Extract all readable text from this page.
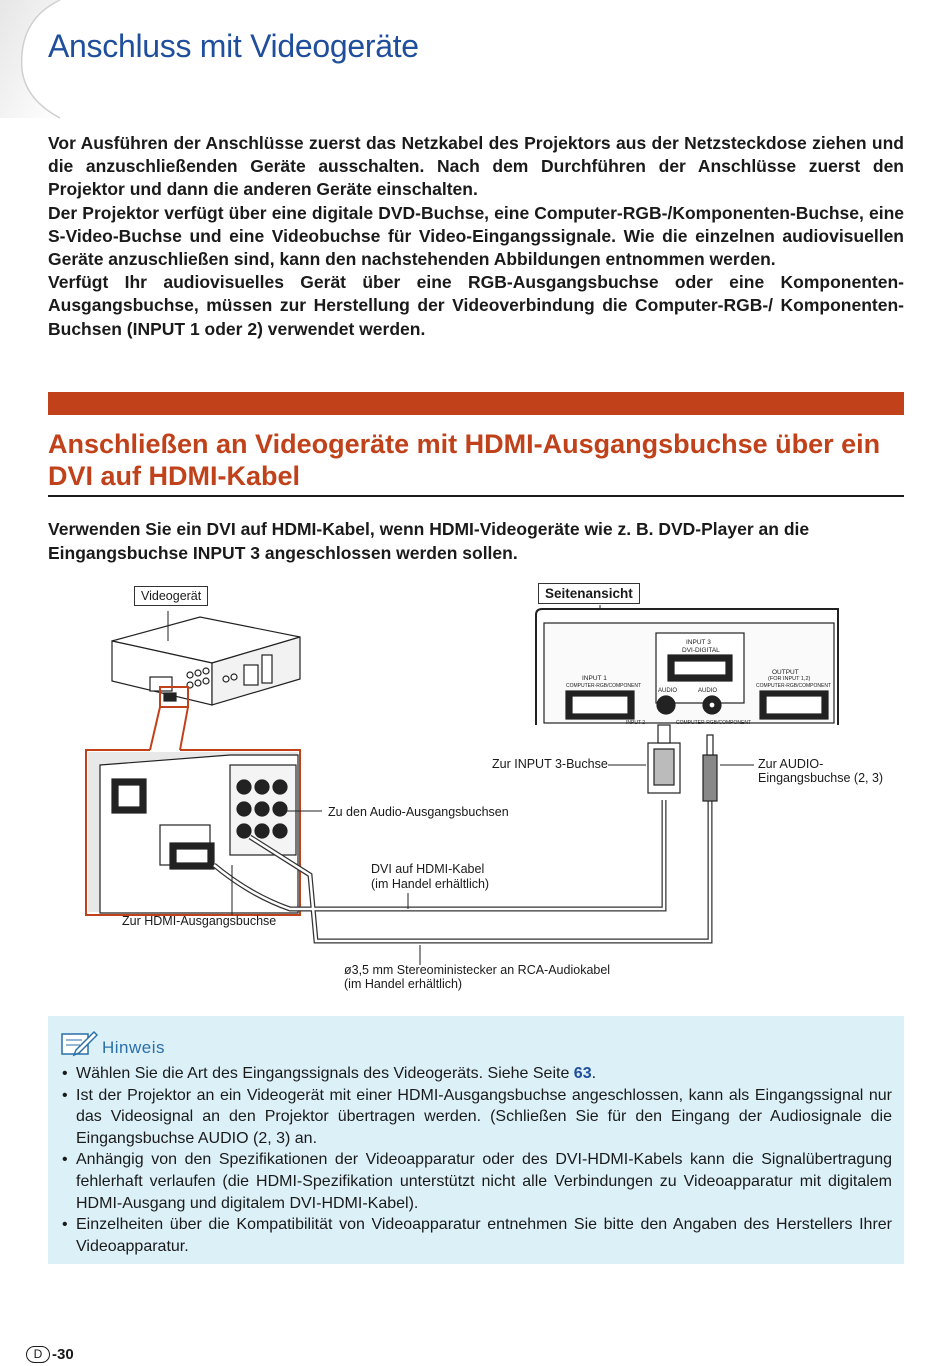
Anschluss mit Videogeräte

Vor Ausführen der Anschlüsse zuerst das Netzkabel des Projektors aus der Netzsteckdose ziehen und die anzuschließenden Geräte ausschalten. Nach dem Durchführen der Anschlüsse zuerst den Projektor und dann die anderen Geräte einschalten.

Der Projektor verfügt über eine digitale DVD-Buchse, eine Computer-RGB-/Komponenten-Buchse, eine S-Video-Buchse und eine Videobuchse für Video-Eingangssignale. Wie die einzelnen audiovisuellen Geräte anzuschließen sind, kann den nachstehenden Abbildungen entnommen werden.

Verfügt Ihr audiovisuelles Gerät über eine RGB-Ausgangsbuchse oder eine Komponenten-Ausgangsbuchse, müssen zur Herstellung der Videoverbindung die Computer-RGB-/ Komponenten-Buchsen (INPUT 1 oder 2) verwendet werden.

Anschließen an Videogeräte mit HDMI-Ausgangsbuchse über ein DVI auf HDMI-Kabel

Verwenden Sie ein DVI auf HDMI-Kabel, wenn HDMI-Videogeräte wie z. B. DVD-Player an die Eingangsbuchse INPUT 3 angeschlossen werden sollen.

Videogerät	Seitenansicht
INPUT 3
DVI-DIGITAL
INPUT 1
COMPUTER-RGB/COMPONENT
OUTPUT
(FOR INPUT 1,2)
COMPUTER-RGB/COMPONENT
AUDIO	AUDIO
INPUT 2	COMPUTER-RGB/COMPONENT
Zur INPUT 3-Buchse	Zur AUDIO-
Eingangsbuchse (2, 3)
Zu den Audio-Ausgangsbuchsen
DVI auf HDMI-Kabel
(im Handel erhältlich)
Zur HDMI-Ausgangsbuchse
ø3,5 mm Stereoministecker an RCA-Audiokabel
(im Handel erhältlich)
Hinweis
• Wählen Sie die Art des Eingangssignals des Videogeräts. Siehe Seite 63.
• Ist der Projektor an ein Videogerät mit einer HDMI-Ausgangsbuchse angeschlossen, kann als Eingangssignal nur das Videosignal an den Projektor übertragen werden. (Schließen Sie für den Eingang der Audiosignale die Eingangsbuchse AUDIO (2, 3) an.
• Anhängig von den Spezifikationen der Videoapparatur oder des DVI-HDMI-Kabels kann die Signalübertragung fehlerhaft verlaufen (die HDMI-Spezifikation unterstützt nicht alle Verbindungen zu Videoapparatur mit digitalem HDMI-Ausgang und digitalem DVI-HDMI-Kabel).
• Einzelheiten über die Kompatibilität von Videoapparatur entnehmen Sie bitte den Angaben des Herstellers Ihrer Videoapparatur.
D -30
